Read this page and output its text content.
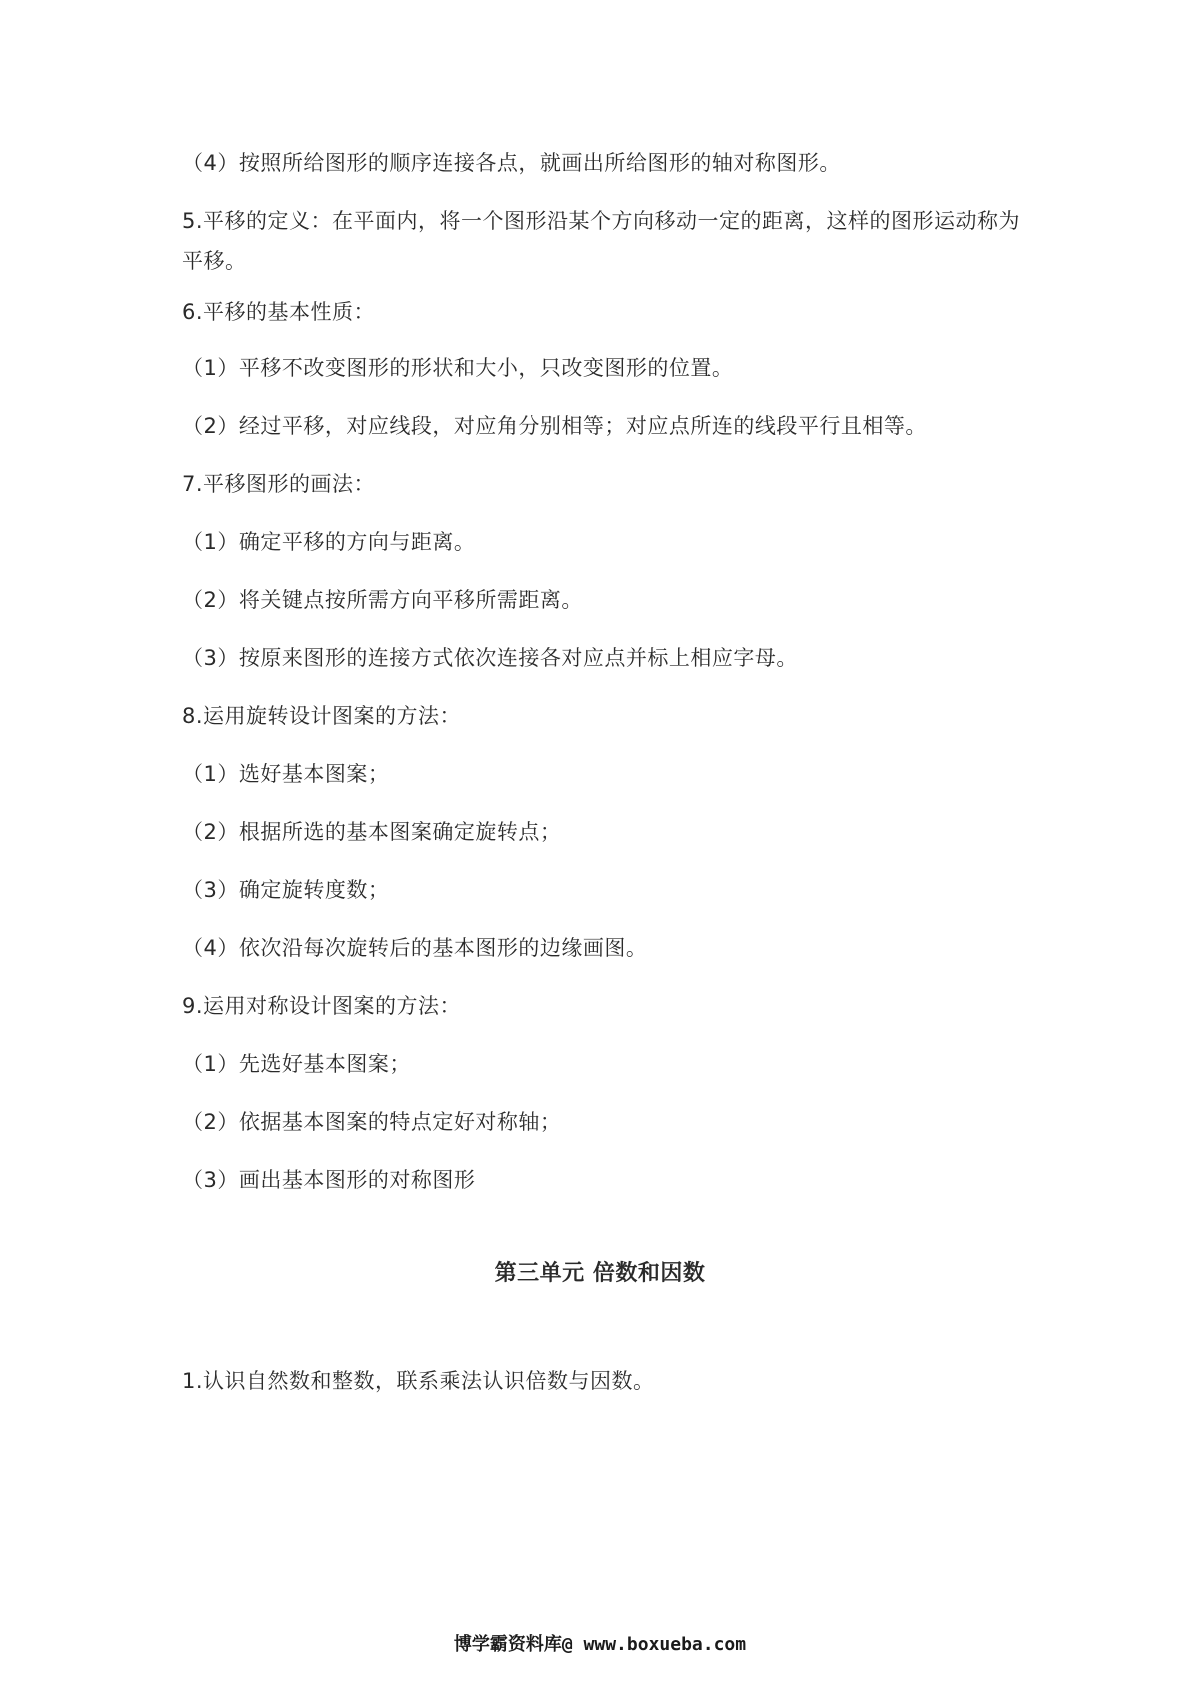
（4）按照所给图形的顺序连接各点，就画出所给图形的轴对称图形。

5.平移的定义：在平面内，将一个图形沿某个方向移动一定的距离，这样的图形运动称为平移。

6.平移的基本性质：

（1）平移不改变图形的形状和大小，只改变图形的位置。

（2）经过平移，对应线段，对应角分别相等；对应点所连的线段平行且相等。

7.平移图形的画法：

（1）确定平移的方向与距离。

（2）将关键点按所需方向平移所需距离。

（3）按原来图形的连接方式依次连接各对应点并标上相应字母。

8.运用旋转设计图案的方法：

（1）选好基本图案；

（2）根据所选的基本图案确定旋转点；

（3）确定旋转度数；

（4）依次沿每次旋转后的基本图形的边缘画图。

9.运用对称设计图案的方法：

（1）先选好基本图案；

（2）依据基本图案的特点定好对称轴；

（3）画出基本图形的对称图形

第三单元 倍数和因数

1.认识自然数和整数，联系乘法认识倍数与因数。

博学霸资料库@ www.boxueba.com
